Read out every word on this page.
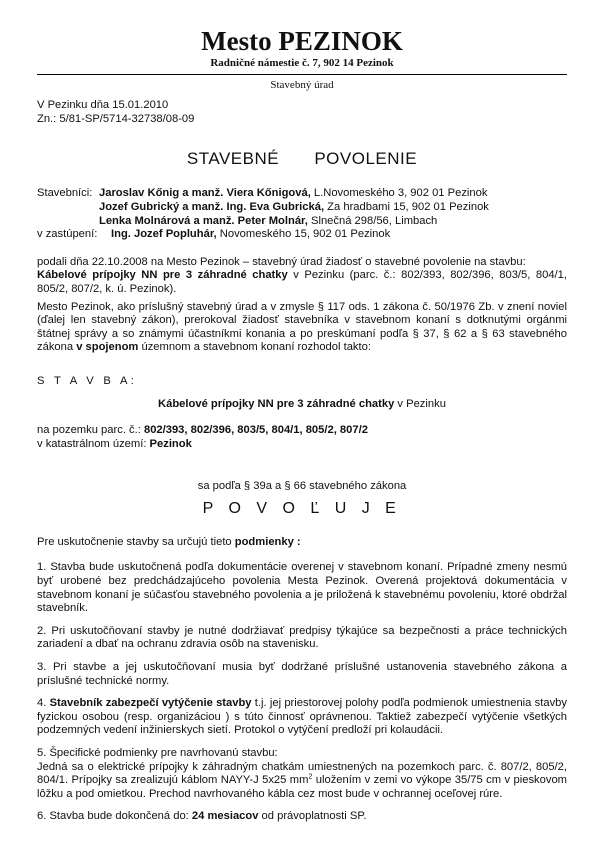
Mesto PEZINOK
Radničné námestie č. 7, 902 14 Pezinok
Stavebný úrad
V Pezinku dňa 15.01.2010
Zn.: 5/81-SP/5714-32738/08-09
STAVEBNÉ POVOLENIE
Stavebníci: Jaroslav Kőnig a manž. Viera Kőnigová, L.Novomeského 3, 902 01 Pezinok
Jozef Gubrický a manž. Ing. Eva Gubrická, Za hradbami 15, 902 01 Pezinok
Lenka Molnárová a manž. Peter Molnár, Slnečná 298/56, Limbach
v zastúpení:	Ing. Jozef Popluhár, Novomeského 15, 902 01 Pezinok
podali dňa 22.10.2008 na Mesto Pezinok – stavebný úrad žiadosť o stavebné povolenie na stavbu:
Kábelové prípojky NN pre 3 záhradné chatky v Pezinku (parc. č.: 802/393, 802/396, 803/5, 804/1, 805/2, 807/2, k. ú. Pezinok).
Mesto Pezinok, ako príslušný stavebný úrad a v zmysle § 117 ods. 1 zákona č. 50/1976 Zb. v znení noviel (ďalej len stavebný zákon), prerokoval žiadosť stavebníka v stavebnom konaní s dotknutými orgánmi štátnej správy a so známymi účastníkmi konania a po preskúmaní podľa § 37, § 62 a § 63 stavebného zákona v spojenom územnom a stavebnom konaní rozhodol takto:
S T A V B A:
Kábelové prípojky NN pre 3 záhradné chatky v Pezinku
na pozemku parc. č.: 802/393, 802/396, 803/5, 804/1, 805/2, 807/2
v katastrálnom území: Pezinok
sa podľa § 39a a § 66 stavebného zákona
P O V O Ľ U J E
Pre uskutočnenie stavby sa určujú tieto podmienky :
1. Stavba bude uskutočnená podľa dokumentácie overenej v stavebnom konaní. Prípadné zmeny nesmú byť urobené bez predchádzajúceho povolenia Mesta Pezinok. Overená projektová dokumentácia v stavebnom konaní je súčasťou stavebného povolenia a je priložená k stavebnému povoleniu, ktoré obdržal stavebník.
2. Pri uskutočňovaní stavby je nutné dodržiavať predpisy týkajúce sa bezpečnosti a práce technických zariadení a dbať na ochranu zdravia osôb na stavenisku.
3. Pri stavbe a jej uskutočňovaní musia byť dodržané príslušné ustanovenia stavebného zákona a príslušné technické normy.
4. Stavebník zabezpečí vytýčenie stavby t.j. jej priestorovej polohy podľa podmienok umiestnenia stavby fyzickou osobou (resp. organizáciou ) s túto činnosť oprávnenou. Taktiež zabezpečí vytýčenie všetkých podzemných vedení inžinierskych sietí. Protokol o vytýčení predloží pri kolaudácii.
5. Špecifické podmienky pre navrhovanú stavbu:
Jedná sa o elektrické prípojky k záhradným chatkám umiestnených na pozemkoch parc. č. 807/2, 805/2, 804/1. Prípojky sa zrealizujú káblom NAYY-J 5x25 $mm^2$ uložením v zemi vo výkope 35/75 cm v pieskovom lôžku a pod omietkou. Prechod navrhovaného kábla cez most bude v ochrannej oceľovej rúre.
6. Stavba bude dokončená do: 24 mesiacov od právoplatnosti SP.
